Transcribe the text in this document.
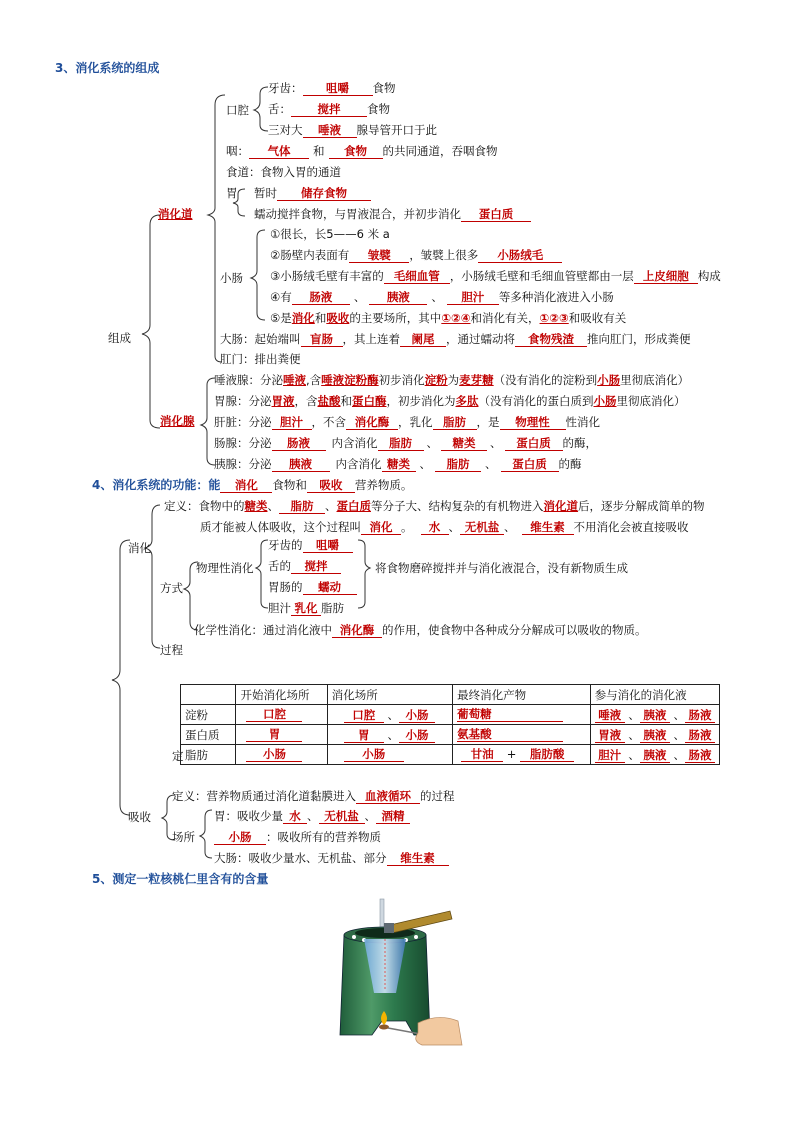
3、消化系统的组成
组成
消化道
口腔
牙齿： 咀嚼 食物
舌： 搅拌 食物
三对大 唾液 腺导管开口于此
咽： 气体 和 食物 的共同通道，吞咽食物
食道：食物入胃的通道
胃 暂时 储存食物
蠕动搅拌食物，与胃液混合，并初步消化 蛋白质
小肠
①很长，长5——6 米 a
②肠壁内表面有 皱襞 ，皱襞上很多 小肠绒毛
③小肠绒毛壁有丰富的 毛细血管 ，小肠绒毛壁和毛细血管壁都由一层 上皮细胞 构成
④有 肠液 、 胰液 、 胆汁 等多种消化液进入小肠
⑤是消化和吸收的主要场所，其中①②④和消化有关，①②③和吸收有关
大肠：起始端叫 盲肠 ，其上连着 阑尾 ，通过蠕动将 食物残渣 推向肛门，形成粪便
肛门：排出粪便
消化腺
唾液腺：分泌唾液,含唾液淀粉酶初步消化淀粉为麦芽糖（没有消化的淀粉到小肠里彻底消化）
胃腺：分泌胃液，含盐酸和蛋白酶，初步消化为多肽（没有消化的蛋白质到小肠里彻底消化）
肝脏：分泌 胆汁 ，不含 消化酶 ，乳化 脂肪 ，是 物理性 性消化
肠腺：分泌 肠液 内含消化 脂肪 、 糖类 、 蛋白质 的酶，
胰腺：分泌 胰液 内含消化 糖类 、 脂肪 、 蛋白质 的酶
4、消化系统的功能：能 消化 食物和 吸收 营养物质。
消化
定义：食物中的糖类、 脂肪 、蛋白质等分子大、结构复杂的有机物进入消化道后，逐步分解成简单的物
质才能被人体吸收，这个过程叫 消化 。 水 、 无机盐 、 维生素 不用消化会被直接吸收
方式
物理性消化
牙齿的 咀嚼
舌的 搅拌
胃肠的 蠕动
胆汁 乳化 脂肪
将食物磨碎搅拌并与消化液混合，没有新物质生成
化学性消化：通过消化液中 消化酶 的作用，使食物中各种成分分解成可以吸收的物质。
过程
定
	开始消化场所	消化场所	最终消化产物	参与消化的消化液
淀粉	口腔	口腔 、 小肠	葡萄糖	唾液 、 胰液 、 肠液
蛋白质	胃	胃 、 小肠	氨基酸	胃液 、 胰液 、 肠液
脂肪	小肠	小肠	甘油 + 脂肪酸	胆汁 、 胰液 、 肠液
吸收
定义：营养物质通过消化道黏膜进入 血液循环 的过程
场所
胃：吸收少量 水 、 无机盐 、 酒精
小肠 ：吸收所有的营养物质
大肠：吸收少量水、无机盐、部分 维生素
5、测定一粒核桃仁里含有的含量
